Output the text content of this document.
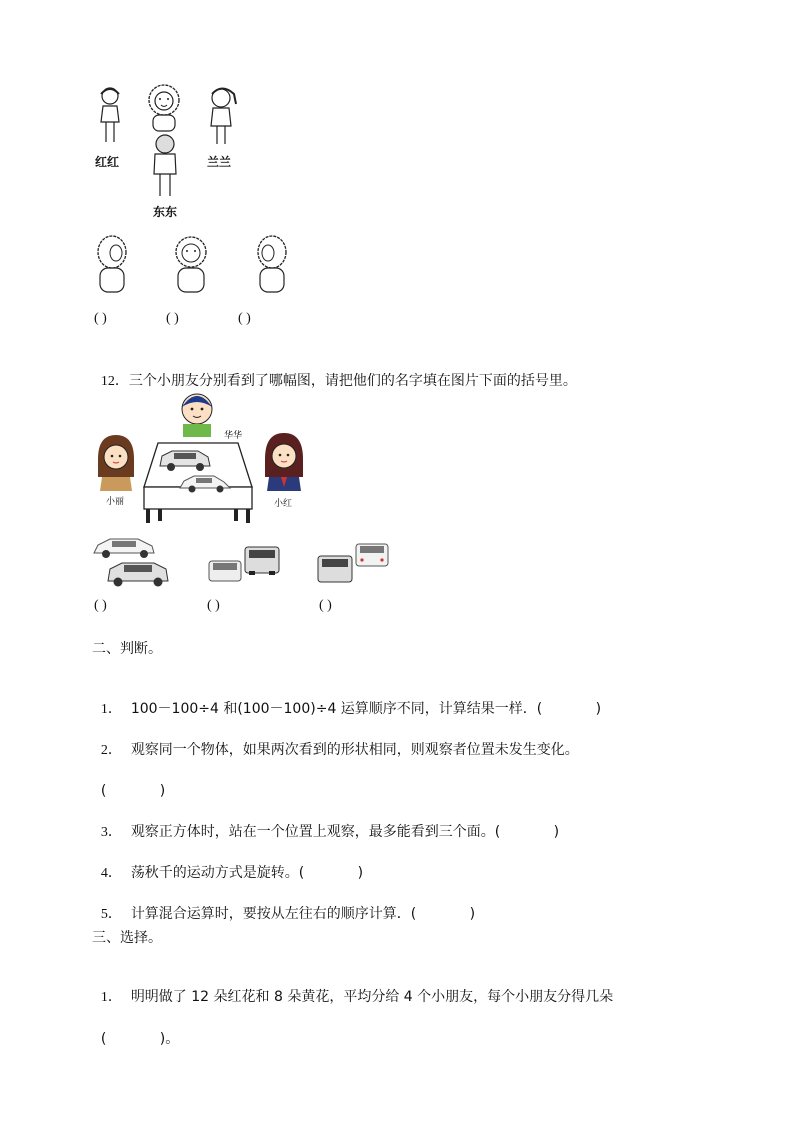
红红
东东
兰兰
( )	( )	( )

12．三个小朋友分别看到了哪幅图，请把他们的名字填在图片下面的括号里。

华华
小丽	小红
( )	( )	( )
二、判断。

1． 100－100÷4 和(100－100)÷4 运算顺序不同，计算结果一样．(            )

2． 观察同一个物体，如果两次看到的形状相同，则观察者位置未发生变化。

(            )

3． 观察正方体时，站在一个位置上观察，最多能看到三个面。(            )

4． 荡秋千的运动方式是旋转。(            )

5． 计算混合运算时，要按从左往右的顺序计算．(            )

三、选择。

1． 明明做了 12 朵红花和 8 朵黄花，平均分给 4 个小朋友，每个小朋友分得几朵

(            )。
